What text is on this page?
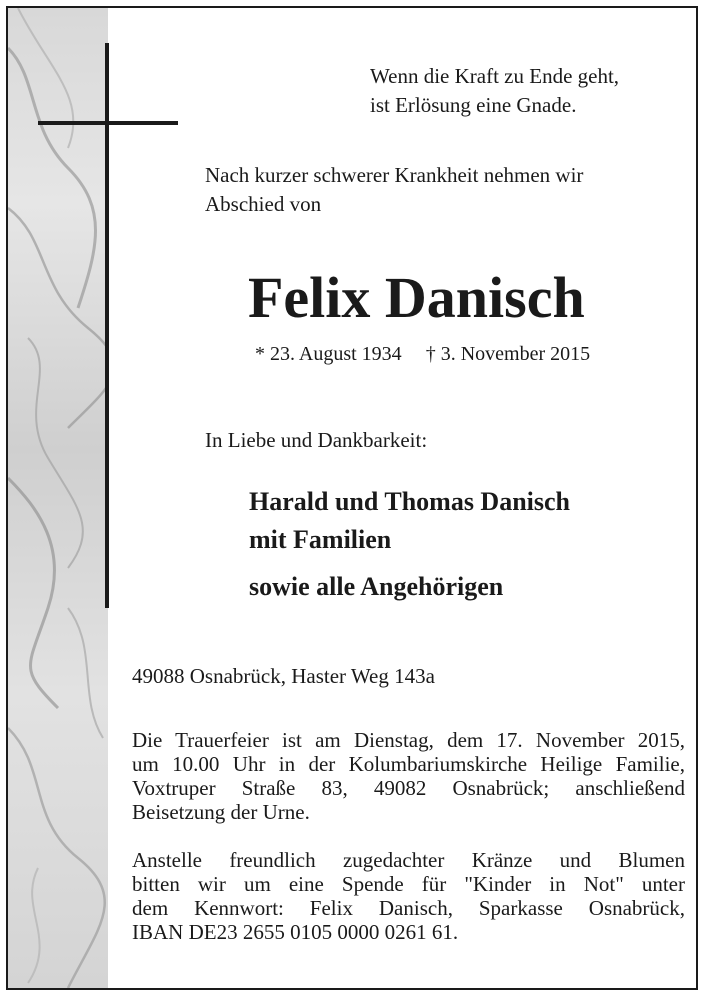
Wenn die Kraft zu Ende geht,
ist Erlösung eine Gnade.
Nach kurzer schwerer Krankheit nehmen wir
Abschied von
Felix Danisch
* 23. August 1934 † 3. November 2015
In Liebe und Dankbarkeit:
Harald und Thomas Danisch
mit Familien
sowie alle Angehörigen
49088 Osnabrück, Haster Weg 143a
Die Trauerfeier ist am Dienstag, dem 17. November 2015,
um 10.00 Uhr in der Kolumbariumskirche Heilige Familie,
Voxtruper Straße 83, 49082 Osnabrück; anschließend
Beisetzung der Urne.
Anstelle freundlich zugedachter Kränze und Blumen
bitten wir um eine Spende für "Kinder in Not" unter
dem Kennwort: Felix Danisch, Sparkasse Osnabrück,
IBAN DE23 2655 0105 0000 0261 61.
